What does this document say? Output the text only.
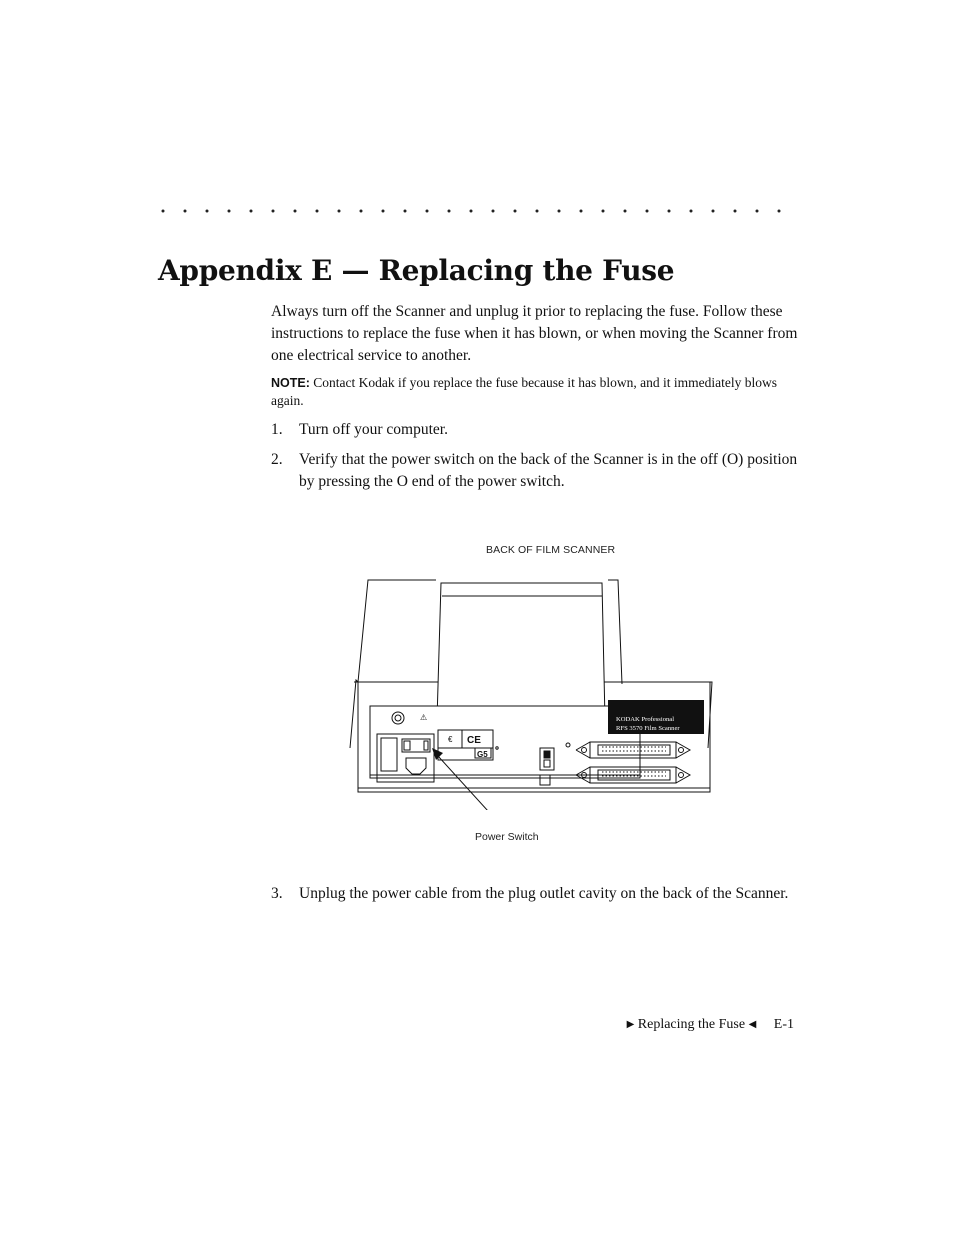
Appendix E — Replacing the Fuse

Always turn off the Scanner and unplug it prior to replacing the fuse. Follow these instructions to replace the fuse when it has blown, or when moving the Scanner from one electrical service to another.

NOTE: Contact Kodak if you replace the fuse because it has blown, and it immediately blows again.

1. Turn off your computer.
2. Verify that the power switch on the back of the Scanner is in the off (O) position by pressing the O end of the power switch.
BACK OF FILM SCANNER
⚠
€ CE
G5
KODAK Professional
RFS 3570 Film Scanner
Power Switch
3. Unplug the power cable from the plug outlet cavity on the back of the Scanner.
▶ Replacing the Fuse ◀ E-1
